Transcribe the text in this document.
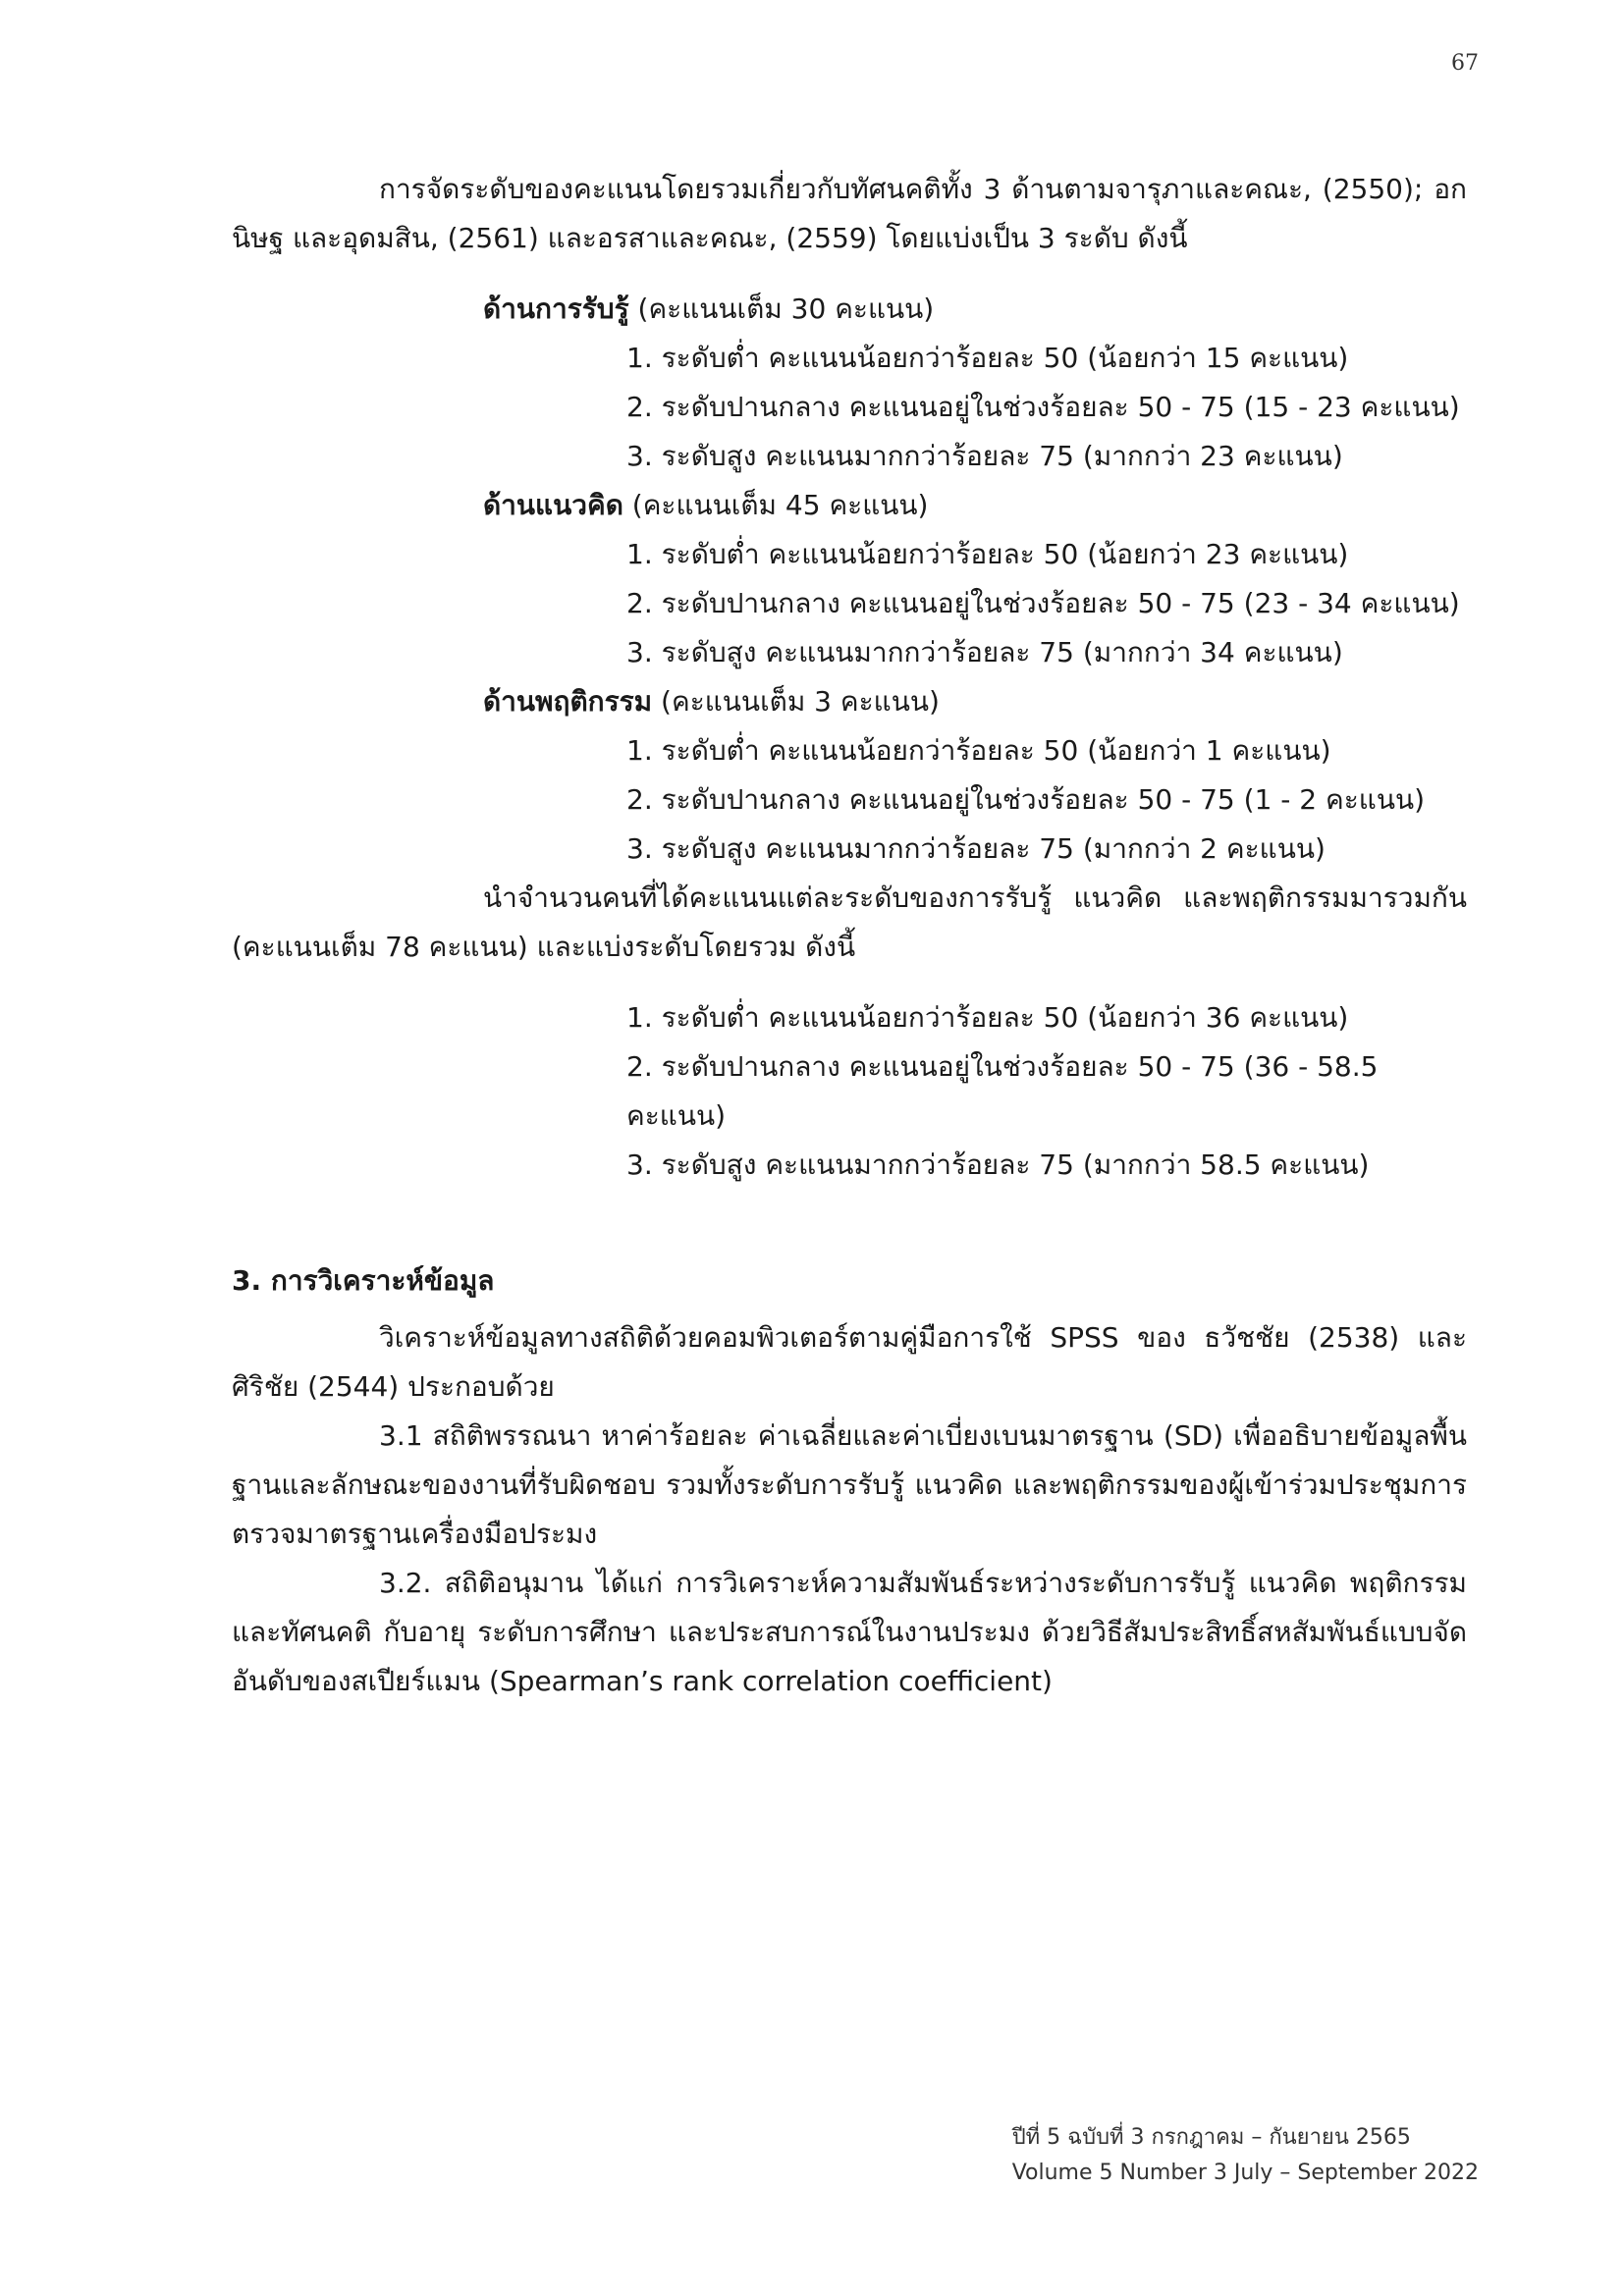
67

การจัดระดับของคะแนนโดยรวมเกี่ยวกับทัศนคติทั้ง 3 ด้านตามจารุภาและคณะ, (2550); อกนิษฐ และอุดมสิน, (2561) และอรสาและคณะ, (2559) โดยแบ่งเป็น 3 ระดับ ดังนี้

ด้านการรับรู้ (คะแนนเต็ม 30 คะแนน)

1. ระดับต่ำ คะแนนน้อยกว่าร้อยละ 50 (น้อยกว่า 15 คะแนน)
2. ระดับปานกลาง คะแนนอยู่ในช่วงร้อยละ 50 - 75 (15 - 23 คะแนน)
3. ระดับสูง คะแนนมากกว่าร้อยละ 75 (มากกว่า 23 คะแนน)

ด้านแนวคิด (คะแนนเต็ม 45 คะแนน)

1. ระดับต่ำ คะแนนน้อยกว่าร้อยละ 50 (น้อยกว่า 23 คะแนน)
2. ระดับปานกลาง คะแนนอยู่ในช่วงร้อยละ 50 - 75 (23 - 34 คะแนน)
3. ระดับสูง คะแนนมากกว่าร้อยละ 75 (มากกว่า 34 คะแนน)

ด้านพฤติกรรม (คะแนนเต็ม 3 คะแนน)

1. ระดับต่ำ คะแนนน้อยกว่าร้อยละ 50 (น้อยกว่า 1 คะแนน)
2. ระดับปานกลาง คะแนนอยู่ในช่วงร้อยละ 50 - 75 (1 - 2 คะแนน)
3. ระดับสูง คะแนนมากกว่าร้อยละ 75 (มากกว่า 2 คะแนน)

นำจำนวนคนที่ได้คะแนนแต่ละระดับของการรับรู้ แนวคิด และพฤติกรรมมารวมกัน (คะแนนเต็ม 78 คะแนน) และแบ่งระดับโดยรวม ดังนี้

1. ระดับต่ำ คะแนนน้อยกว่าร้อยละ 50 (น้อยกว่า 36 คะแนน)
2. ระดับปานกลาง คะแนนอยู่ในช่วงร้อยละ 50 - 75 (36 - 58.5 คะแนน)
3. ระดับสูง คะแนนมากกว่าร้อยละ 75 (มากกว่า 58.5 คะแนน)
3. การวิเคราะห์ข้อมูล

วิเคราะห์ข้อมูลทางสถิติด้วยคอมพิวเตอร์ตามคู่มือการใช้ SPSS ของ ธวัชชัย (2538) และ ศิริชัย (2544) ประกอบด้วย

3.1 สถิติพรรณนา หาค่าร้อยละ ค่าเฉลี่ยและค่าเบี่ยงเบนมาตรฐาน (SD) เพื่ออธิบายข้อมูลพื้นฐานและลักษณะของงานที่รับผิดชอบ รวมทั้งระดับการรับรู้ แนวคิด และพฤติกรรมของผู้เข้าร่วมประชุมการตรวจมาตรฐานเครื่องมือประมง

3.2. สถิติอนุมาน ได้แก่ การวิเคราะห์ความสัมพันธ์ระหว่างระดับการรับรู้ แนวคิด พฤติกรรม และทัศนคติ กับอายุ ระดับการศึกษา และประสบการณ์ในงานประมง ด้วยวิธีสัมประสิทธิ์สหสัมพันธ์แบบจัดอันดับของสเปียร์แมน (Spearman’s rank correlation coefficient)

ปีที่ 5 ฉบับที่ 3 กรกฎาคม – กันยายน 2565
Volume 5 Number 3 July – September 2022
